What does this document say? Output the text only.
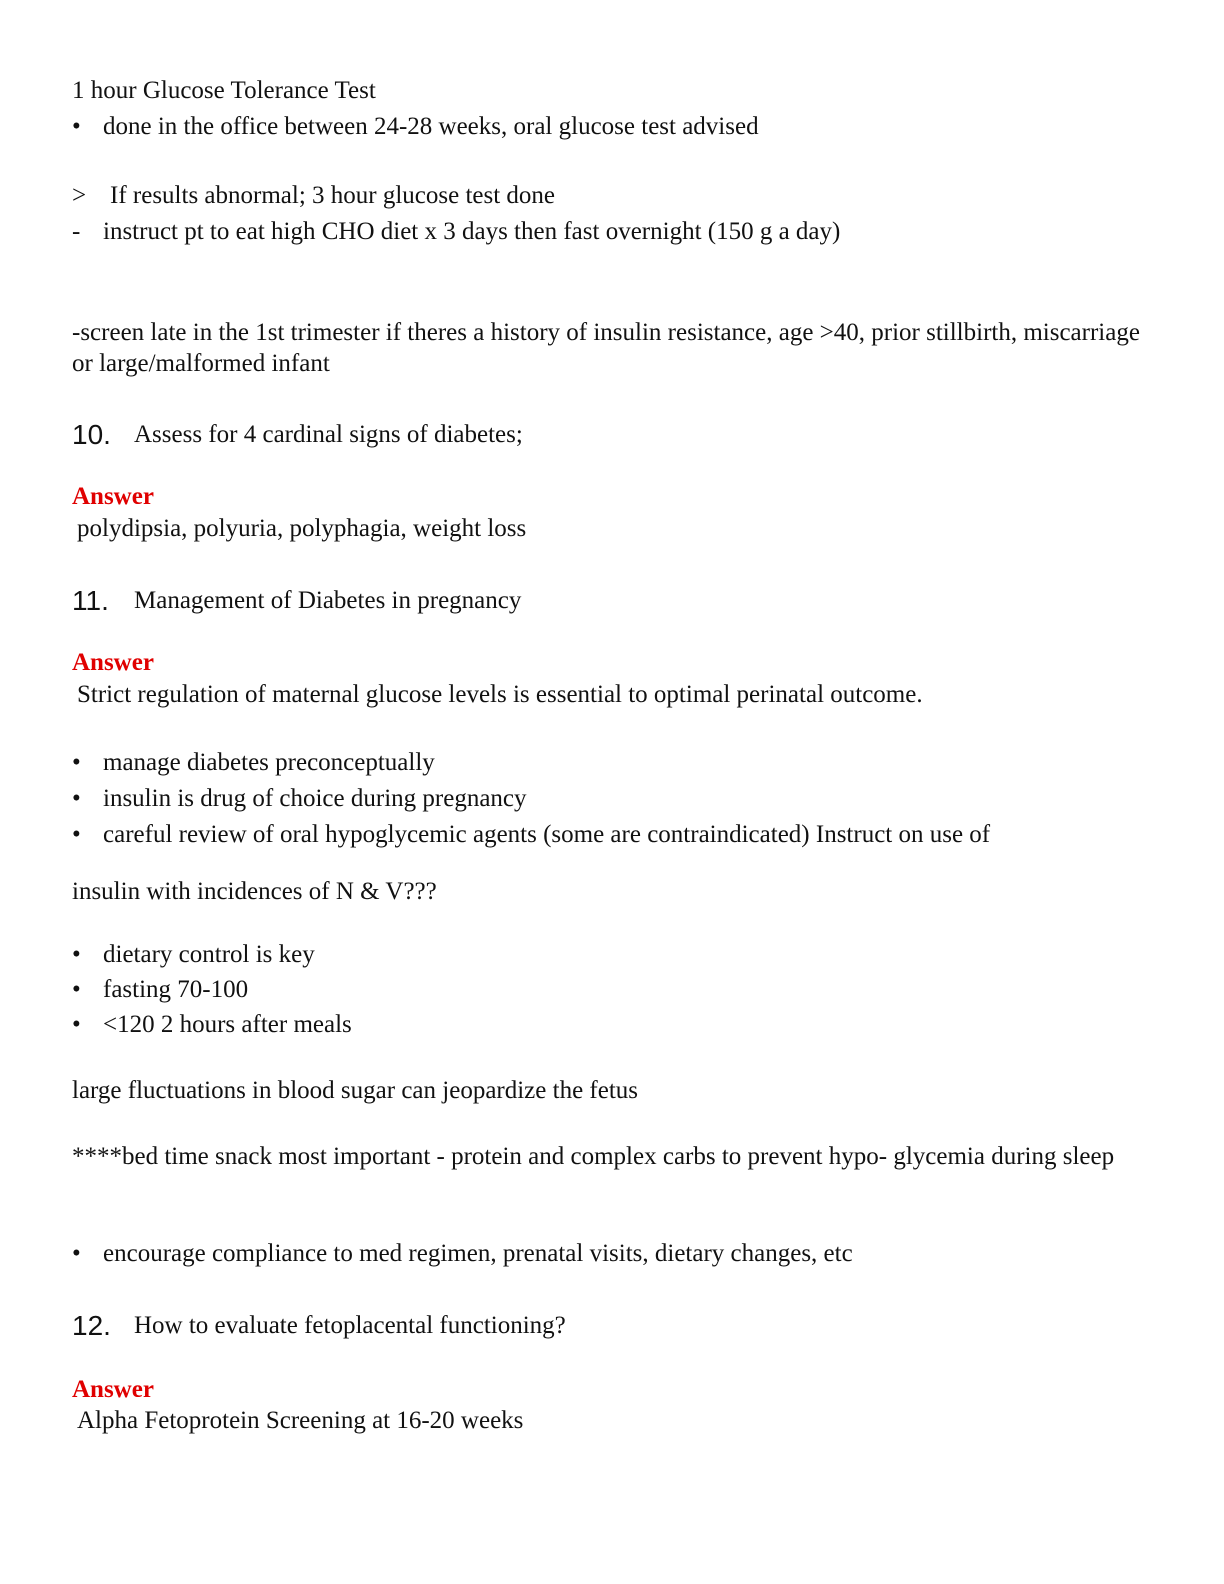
1 hour Glucose Tolerance Test
• done in the office between 24-28 weeks, oral glucose test advised
> If results abnormal; 3 hour glucose test done
- instruct pt to eat high CHO diet x 3 days then fast overnight (150 g a day)
-screen late in the 1st trimester if theres a history of insulin resistance, age >40, prior stillbirth, miscarriage or large/malformed infant
10. Assess for 4 cardinal signs of diabetes;
Answer
polydipsia, polyuria, polyphagia, weight loss
11. Management of Diabetes in pregnancy
Answer
Strict regulation of maternal glucose levels is essential to optimal perinatal outcome.
• manage diabetes preconceptually
• insulin is drug of choice during pregnancy
• careful review of oral hypoglycemic agents (some are contraindicated) Instruct on use of
insulin with incidences of N & V???
• dietary control is key
• fasting 70-100
• <120 2 hours after meals
large fluctuations in blood sugar can jeopardize the fetus
****bed time snack most important - protein and complex carbs to prevent hypo- glycemia during sleep
• encourage compliance to med regimen, prenatal visits, dietary changes, etc
12. How to evaluate fetoplacental functioning?
Answer
Alpha Fetoprotein Screening at 16-20 weeks
